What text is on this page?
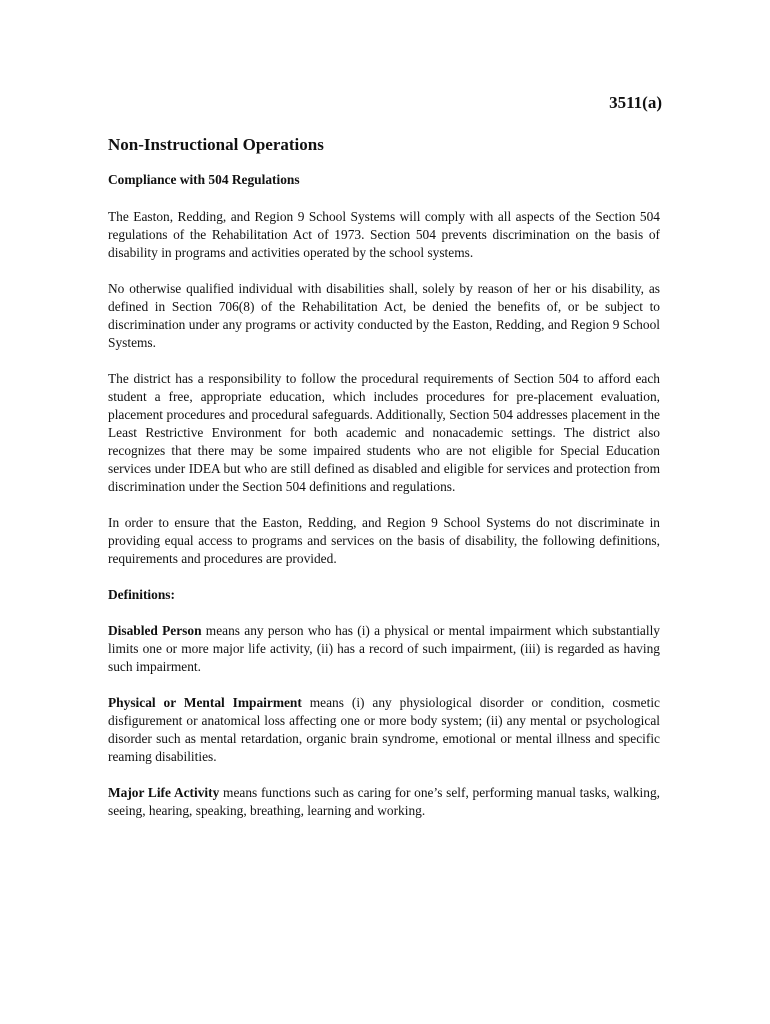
3511(a)
Non-Instructional Operations
Compliance with 504 Regulations

The Easton, Redding, and Region 9 School Systems will comply with all aspects of the Section 504 regulations of the Rehabilitation Act of 1973. Section 504 prevents discrimination on the basis of disability in programs and activities operated by the school systems.

No otherwise qualified individual with disabilities shall, solely by reason of her or his disability, as defined in Section 706(8) of the Rehabilitation Act, be denied the benefits of, or be subject to discrimination under any programs or activity conducted by the Easton, Redding, and Region 9 School Systems.

The district has a responsibility to follow the procedural requirements of Section 504 to afford each student a free, appropriate education, which includes procedures for pre-placement evaluation, placement procedures and procedural safeguards. Additionally, Section 504 addresses placement in the Least Restrictive Environment for both academic and nonacademic settings. The district also recognizes that there may be some impaired students who are not eligible for Special Education services under IDEA but who are still defined as disabled and eligible for services and protection from discrimination under the Section 504 definitions and regulations.

In order to ensure that the Easton, Redding, and Region 9 School Systems do not discriminate in providing equal access to programs and services on the basis of disability, the following definitions, requirements and procedures are provided.

Definitions:

Disabled Person means any person who has (i) a physical or mental impairment which substantially limits one or more major life activity, (ii) has a record of such impairment, (iii) is regarded as having such impairment.

Physical or Mental Impairment means (i) any physiological disorder or condition, cosmetic disfigurement or anatomical loss affecting one or more body system; (ii) any mental or psychological disorder such as mental retardation, organic brain syndrome, emotional or mental illness and specific reaming disabilities.

Major Life Activity means functions such as caring for one’s self, performing manual tasks, walking, seeing, hearing, speaking, breathing, learning and working.
